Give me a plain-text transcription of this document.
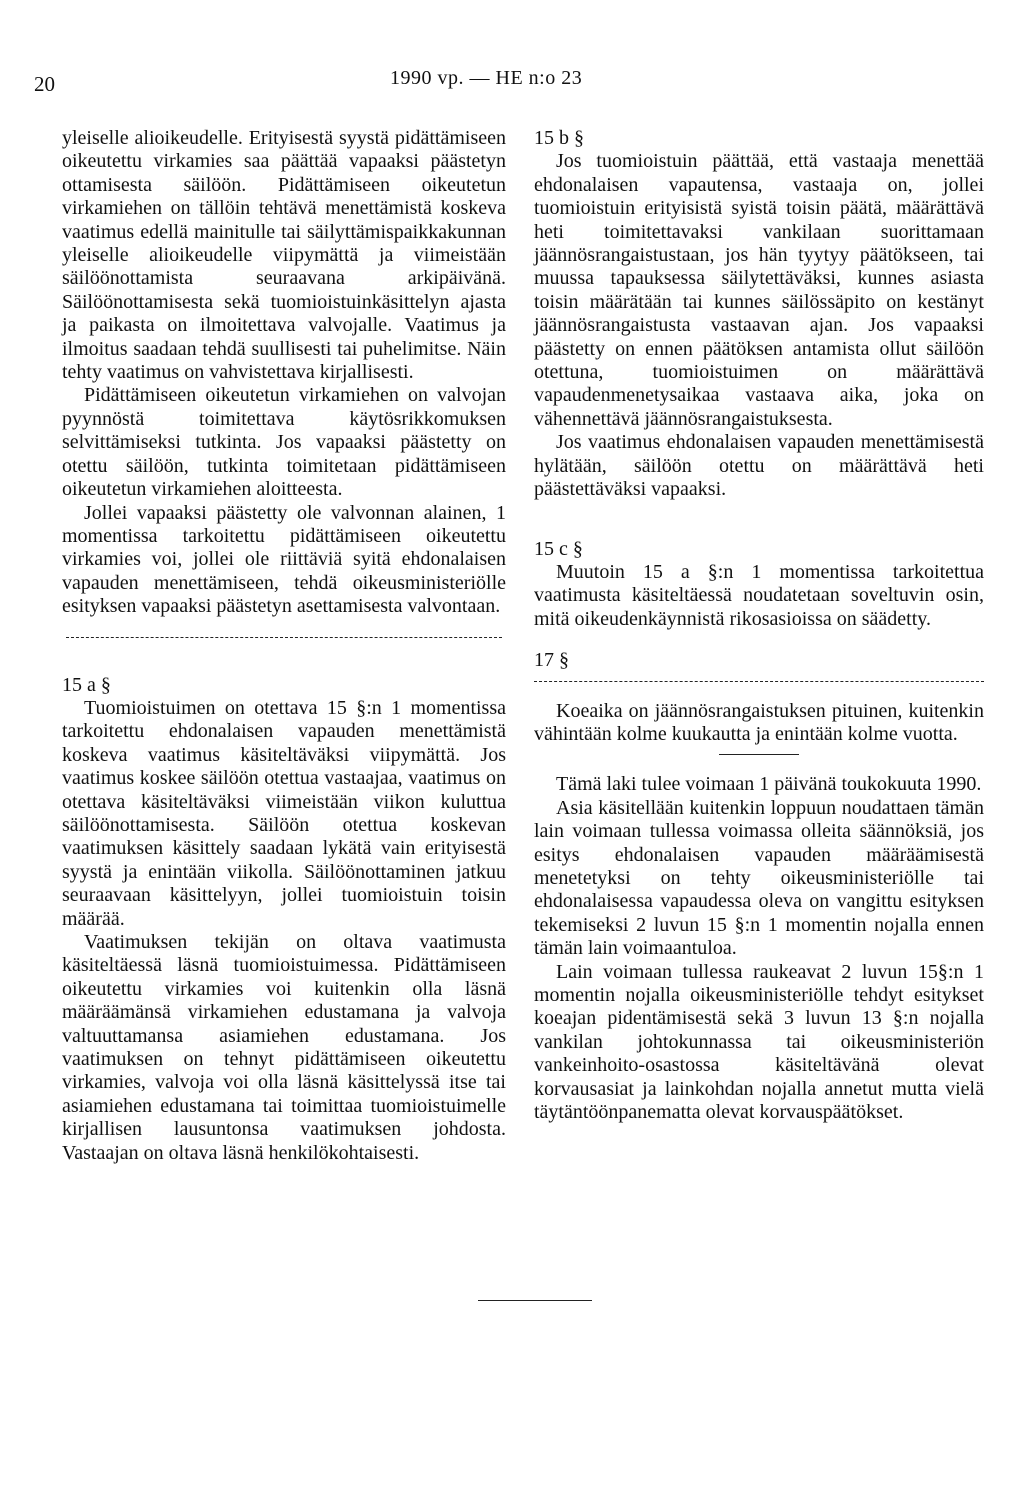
20	1990 vp. — HE n:o 23

yleiselle alioikeudelle. Erityisestä syystä pidättämiseen oikeutettu virkamies saa päättää vapaaksi päästetyn ottamisesta säilöön. Pidättämiseen oikeutetun virkamiehen on tällöin tehtävä menettämistä koskeva vaatimus edellä mainitulle tai säilyttämispaikkakunnan yleiselle alioikeudelle viipymättä ja viimeistään säilöönottamista seuraavana arkipäivänä. Säilöönottamisesta sekä tuomioistuinkäsittelyn ajasta ja paikasta on ilmoitettava valvojalle. Vaatimus ja ilmoitus saadaan tehdä suullisesti tai puhelimitse. Näin tehty vaatimus on vahvistettava kirjallisesti.

Pidättämiseen oikeutetun virkamiehen on valvojan pyynnöstä toimitettava käytösrikkomuksen selvittämiseksi tutkinta. Jos vapaaksi päästetty on otettu säilöön, tutkinta toimitetaan pidättämiseen oikeutetun virkamiehen aloitteesta.

Jollei vapaaksi päästetty ole valvonnan alainen, 1 momentissa tarkoitettu pidättämiseen oikeutettu virkamies voi, jollei ole riittäviä syitä ehdonalaisen vapauden menettämiseen, tehdä oikeusministeriölle esityksen vapaaksi päästetyn asettamisesta valvontaan.

15 a §

Tuomioistuimen on otettava 15 §:n 1 momentissa tarkoitettu ehdonalaisen vapauden menettämistä koskeva vaatimus käsiteltäväksi viipymättä. Jos vaatimus koskee säilöön otettua vastaajaa, vaatimus on otettava käsiteltäväksi viimeistään viikon kuluttua säilöönottamisesta. Säilöön otettua koskevan vaatimuksen käsittely saadaan lykätä vain erityisestä syystä ja enintään viikolla. Säilöönottaminen jatkuu seuraavaan käsittelyyn, jollei tuomioistuin toisin määrää.

Vaatimuksen tekijän on oltava vaatimusta käsiteltäessä läsnä tuomioistuimessa. Pidättämiseen oikeutettu virkamies voi kuitenkin olla läsnä määräämänsä virkamiehen edustamana ja valvoja valtuuttamansa asiamiehen edustamana. Jos vaatimuksen on tehnyt pidättämiseen oikeutettu virkamies, valvoja voi olla läsnä käsittelyssä itse tai asiamiehen edustamana tai toimittaa tuomioistuimelle kirjallisen lausuntonsa vaatimuksen johdosta. Vastaajan on oltava läsnä henkilökohtaisesti.

15 b §

Jos tuomioistuin päättää, että vastaaja menettää ehdonalaisen vapautensa, vastaaja on, jollei tuomioistuin erityisistä syistä toisin päätä, määrättävä heti toimitettavaksi vankilaan suorittamaan jäännösrangaistustaan, jos hän tyytyy päätökseen, tai muussa tapauksessa säilytettäväksi, kunnes asiasta toisin määrätään tai kunnes säilössäpito on kestänyt jäännösrangaistusta vastaavan ajan. Jos vapaaksi päästetty on ennen päätöksen antamista ollut säilöön otettuna, tuomioistuimen on määrättävä vapaudenmenetysaikaa vastaava aika, joka on vähennettävä jäännösrangaistuksesta.

Jos vaatimus ehdonalaisen vapauden menettämisestä hylätään, säilöön otettu on määrättävä heti päästettäväksi vapaaksi.

15 c §

Muutoin 15 a §:n 1 momentissa tarkoitettua vaatimusta käsiteltäessä noudatetaan soveltuvin osin, mitä oikeudenkäynnistä rikosasioissa on säädetty.

17 §

Koeaika on jäännösrangaistuksen pituinen, kuitenkin vähintään kolme kuukautta ja enintään kolme vuotta.

Tämä laki tulee voimaan 1 päivänä toukokuuta 1990.

Asia käsitellään kuitenkin loppuun noudattaen tämän lain voimaan tullessa voimassa olleita säännöksiä, jos esitys ehdonalaisen vapauden määräämisestä menetetyksi on tehty oikeusministeriölle tai ehdonalaisessa vapaudessa oleva on vangittu esityksen tekemiseksi 2 luvun 15 §:n 1 momentin nojalla ennen tämän lain voimaantuloa.

Lain voimaan tullessa raukeavat 2 luvun 15§:n 1 momentin nojalla oikeusministeriölle tehdyt esitykset koeajan pidentämisestä sekä 3 luvun 13 §:n nojalla vankilan johtokunnassa tai oikeusministeriön vankeinhoito-osastossa käsiteltävänä olevat korvausasiat ja lainkohdan nojalla annetut mutta vielä täytäntöönpanematta olevat korvauspäätökset.
